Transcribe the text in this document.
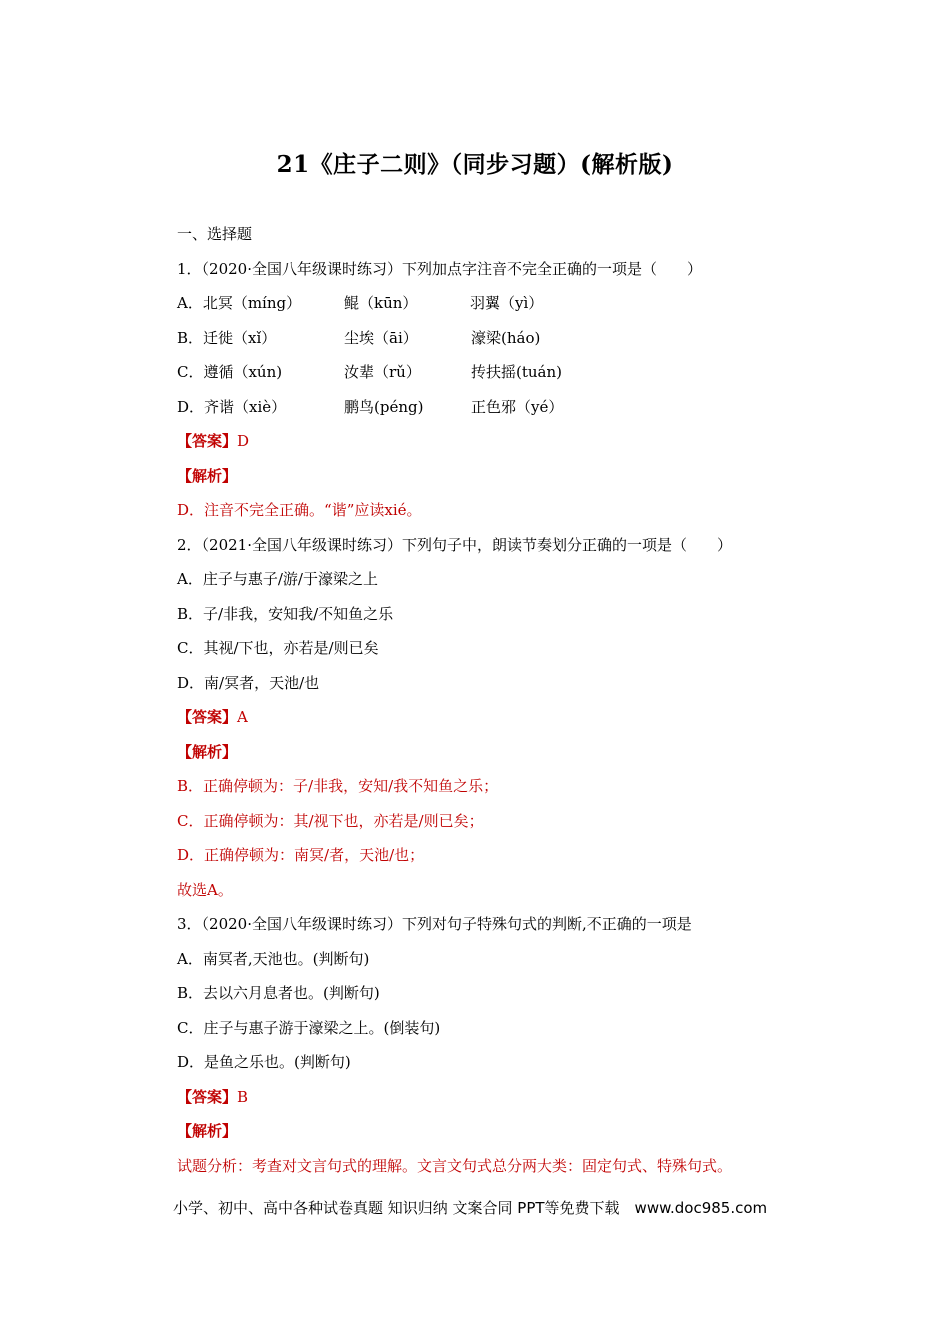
21《庄子二则》（同步习题）(解析版)
一、选择题
1．（2020·全国八年级课时练习）下列加点字注音不完全正确的一项是（　　）
A．北冥（míng）	鲲（kūn）	羽翼（yì）
B．迁徙（xǐ）	尘埃（āi）	濠梁(háo)
C．遵循（xún)	汝辈（rǔ）	抟扶摇(tuán)
D．齐谐（xiè）	鹏鸟(péng)	正色邪（yé）
【答案】D
【解析】
D．注音不完全正确。“谐”应读xié。
2．（2021·全国八年级课时练习）下列句子中，朗读节奏划分正确的一项是（　　）
A．庄子与惠子/游/于濠梁之上
B．子/非我，安知我/不知鱼之乐
C．其视/下也，亦若是/则已矣
D．南/冥者，天池/也
【答案】A
【解析】
B．正确停顿为：子/非我，安知/我不知鱼之乐；
C．正确停顿为：其/视下也，亦若是/则已矣；
D．正确停顿为：南冥/者，天池/也；
故选A。
3．（2020·全国八年级课时练习）下列对句子特殊句式的判断,不正确的一项是
A．南冥者,天池也。(判断句)
B．去以六月息者也。(判断句)
C．庄子与惠子游于濠梁之上。(倒装句)
D．是鱼之乐也。(判断句)
【答案】B
【解析】
试题分析：考查对文言句式的理解。文言文句式总分两大类：固定句式、特殊句式。
小学、初中、高中各种试卷真题 知识归纳 文案合同 PPT等免费下载　www.doc985.com
